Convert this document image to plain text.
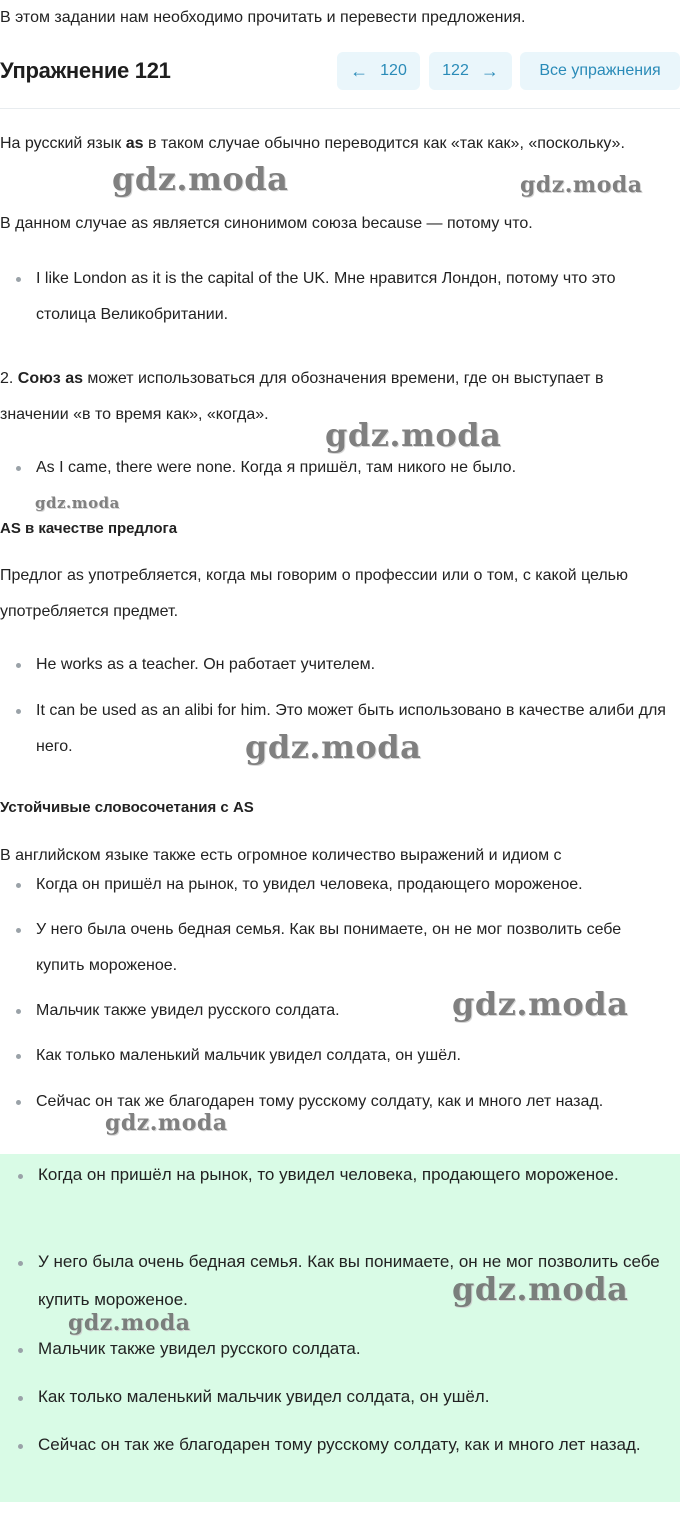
В этом задании нам необходимо прочитать и перевести предложения.
Упражнение 121	← 120 122 →	Все упражнения
На русский язык as в таком случае обычно переводится как «так как», «поскольку».
В данном случае as является синонимом союза because — потому что.
I like London as it is the capital of the UK. Мне нравится Лондон, потому что это столица Великобритании.
2. Союз as может использоваться для обозначения времени, где он выступает в значении «в то время как», «когда».
As I came, there were none. Когда я пришёл, там никого не было.
AS в качестве предлога
Предлог as употребляется, когда мы говорим о профессии или о том, с какой целью употребляется предмет.
He works as a teacher. Он работает учителем.
It can be used as an alibi for him. Это может быть использовано в качестве алиби для него.
Устойчивые словосочетания с AS
В английском языке также есть огромное количество выражений и идиом с
Когда он пришёл на рынок, то увидел человека, продающего мороженое.
У него была очень бедная семья. Как вы понимаете, он не мог позволить себе купить мороженое.
Мальчик также увидел русского солдата.
Как только маленький мальчик увидел солдата, он ушёл.
Сейчас он так же благодарен тому русскому солдату, как и много лет назад.
Когда он пришёл на рынок, то увидел человека, продающего мороженое.
У него была очень бедная семья. Как вы понимаете, он не мог позволить себе купить мороженое.
Мальчик также увидел русского солдата.
Как только маленький мальчик увидел солдата, он ушёл.
Сейчас он так же благодарен тому русскому солдату, как и много лет назад.
gdz.moda	gdz.moda
gdz.moda
gdz.moda
gdz.moda
gdz.moda
gdz.moda
gdz.moda
gdz.moda
